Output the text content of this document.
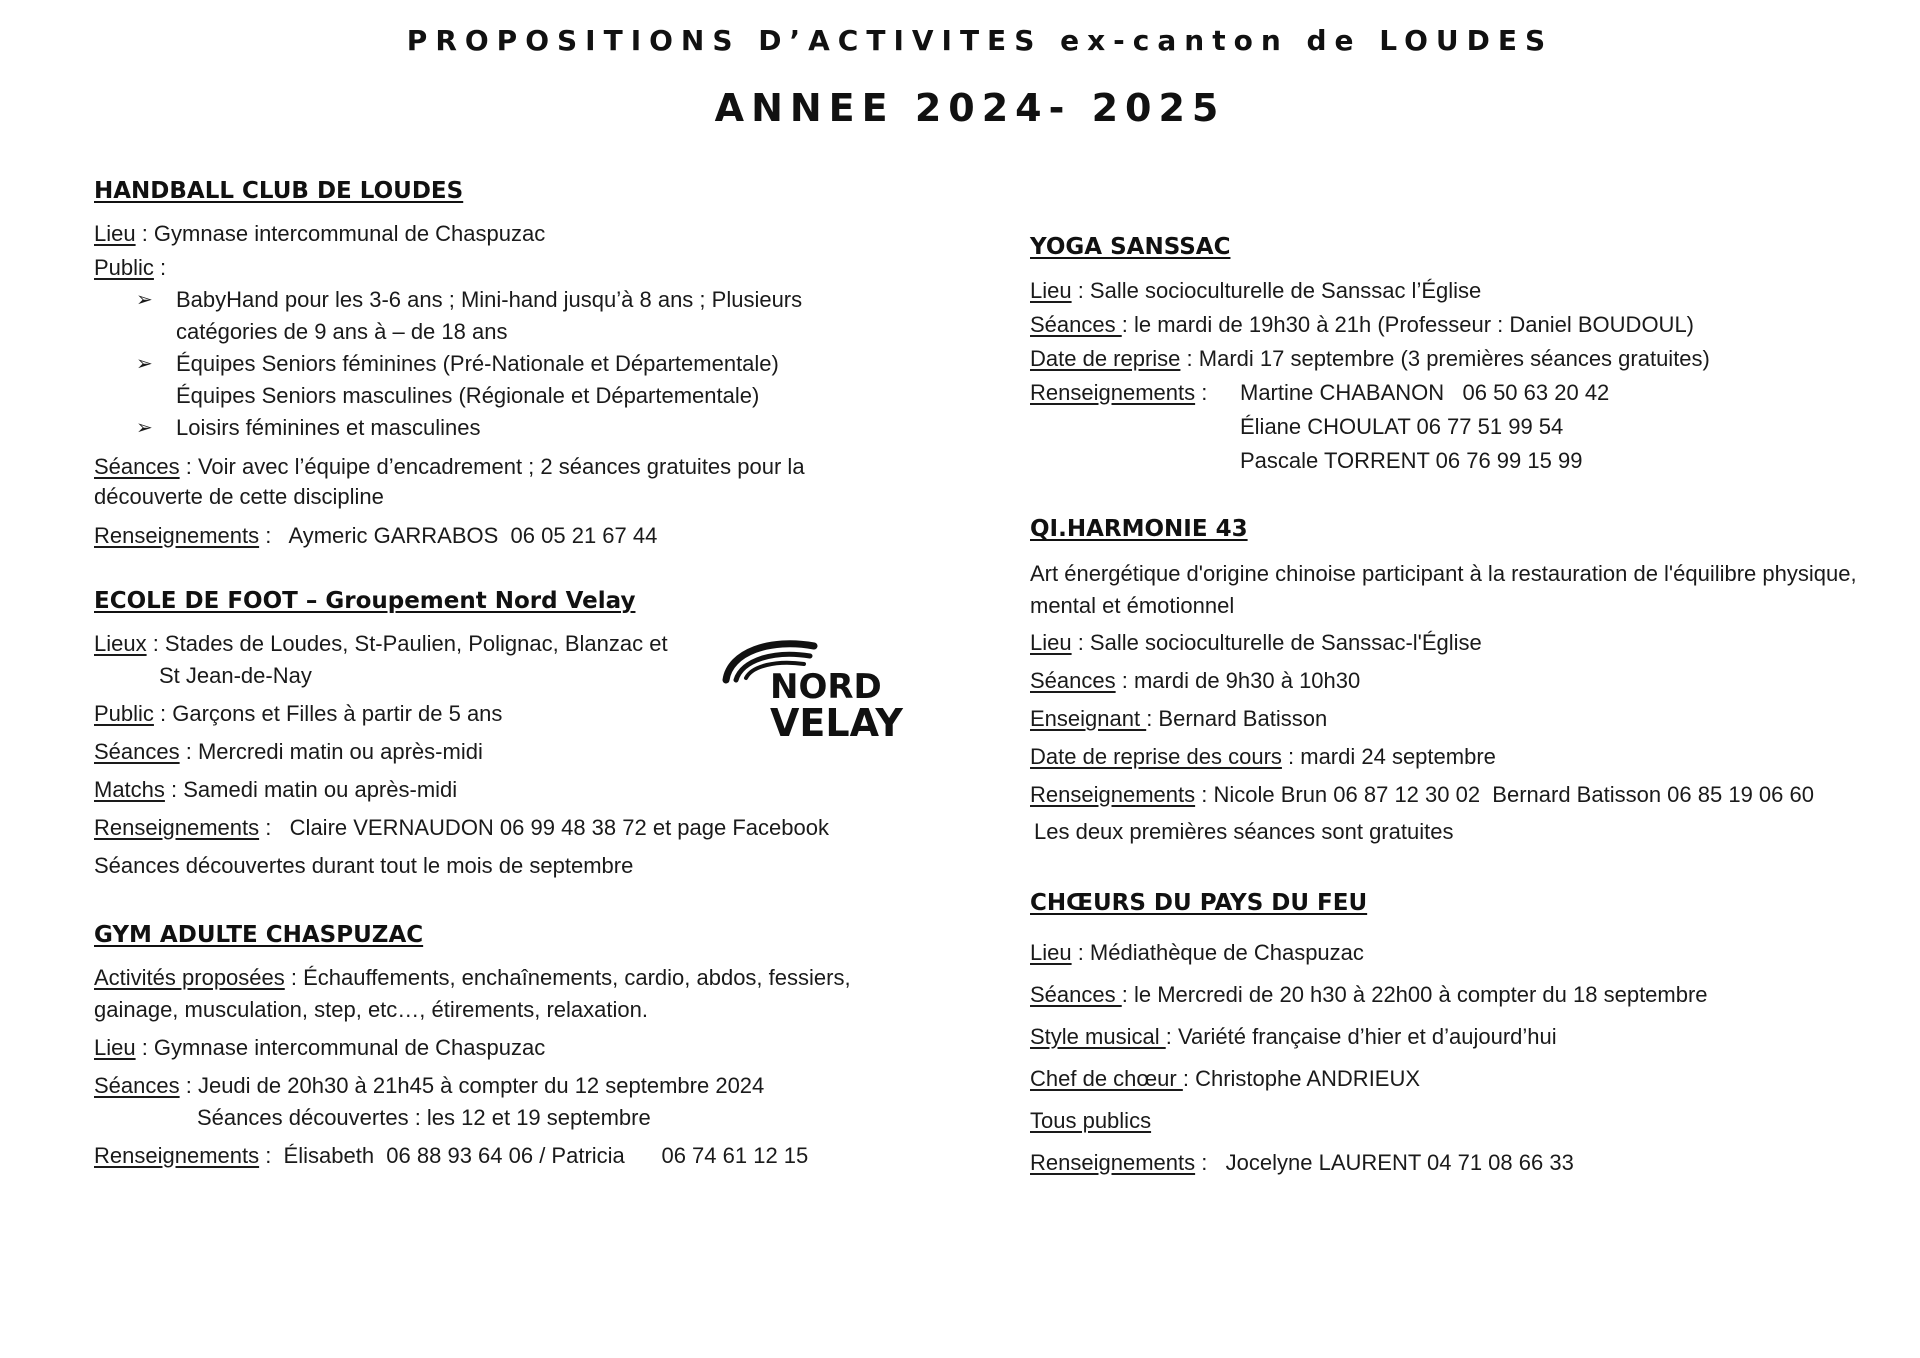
PROPOSITIONS D’ACTIVITES ex-canton de LOUDES
ANNEE 2024- 2025
HANDBALL CLUB DE LOUDES
Lieu : Gymnase intercommunal de Chaspuzac
Public :
➢ BabyHand pour les 3-6 ans ; Mini-hand jusqu’à 8 ans ; Plusieurs catégories de 9 ans à – de 18 ans
➢ Équipes Seniors féminines (Pré-Nationale et Départementale)
Équipes Seniors masculines (Régionale et Départementale)
➢ Loisirs féminines et masculines
Séances : Voir avec l’équipe d’encadrement ; 2 séances gratuites pour la découverte de cette discipline
Renseignements :   Aymeric GARRABOS  06 05 21 67 44
ECOLE DE FOOT – Groupement Nord Velay
Lieux : Stades de Loudes, St-Paulien, Polignac, Blanzac et
St Jean-de-Nay
Public : Garçons et Filles à partir de 5 ans
Séances : Mercredi matin ou après-midi
Matchs : Samedi matin ou après-midi
Renseignements :   Claire VERNAUDON 06 99 48 38 72 et page Facebook
Séances découvertes durant tout le mois de septembre
GYM ADULTE CHASPUZAC
Activités proposées : Échauffements, enchaînements, cardio, abdos, fessiers, gainage, musculation, step, etc…, étirements, relaxation.
Lieu : Gymnase intercommunal de Chaspuzac
Séances : Jeudi de 20h30 à 21h45 à compter du 12 septembre 2024
Séances découvertes : les 12 et 19 septembre
Renseignements :  Élisabeth  06 88 93 64 06 / Patricia      06 74 61 12 15
NORD
VELAY
YOGA SANSSAC
Lieu : Salle socioculturelle de Sanssac l’Église
Séances : le mardi de 19h30 à 21h (Professeur : Daniel BOUDOUL)
Date de reprise : Mardi 17 septembre (3 premières séances gratuites)
Renseignements : Martine CHABANON   06 50 63 20 42
Éliane CHOULAT 06 77 51 99 54
Pascale TORRENT 06 76 99 15 99
QI.HARMONIE 43
Art énergétique d'origine chinoise participant à la restauration de l'équilibre physique, mental et émotionnel
Lieu : Salle socioculturelle de Sanssac-l'Église
Séances : mardi de 9h30 à 10h30
Enseignant : Bernard Batisson
Date de reprise des cours : mardi 24 septembre
Renseignements : Nicole Brun 06 87 12 30 02  Bernard Batisson 06 85 19 06 60
Les deux premières séances sont gratuites
CHŒURS DU PAYS DU FEU
Lieu : Médiathèque de Chaspuzac
Séances : le Mercredi de 20 h30 à 22h00 à compter du 18 septembre
Style musical : Variété française d’hier et d’aujourd’hui
Chef de chœur : Christophe ANDRIEUX
Tous publics
Renseignements :   Jocelyne LAURENT 04 71 08 66 33
